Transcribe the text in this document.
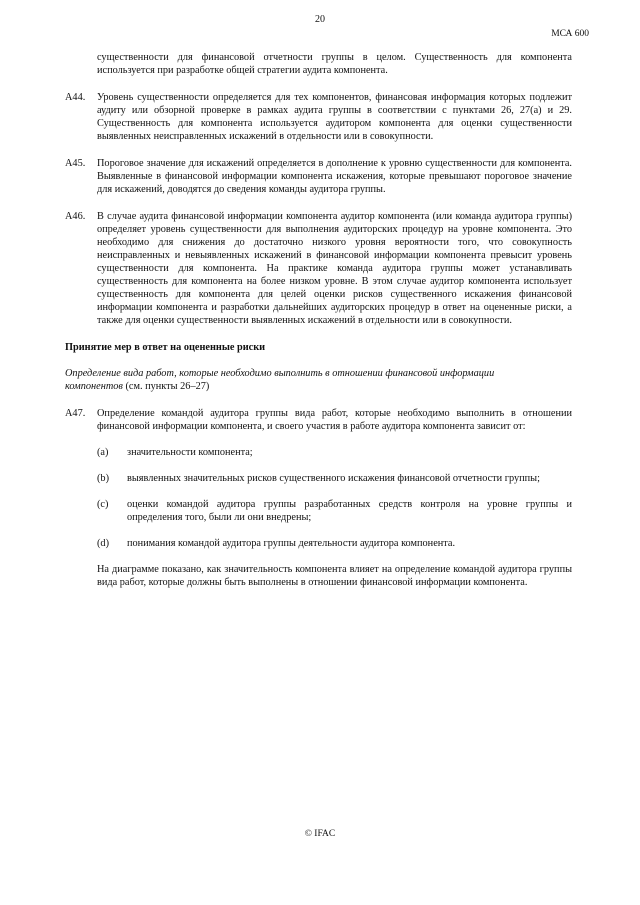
20
МСА 600

существенности для финансовой отчетности группы в целом. Существенность для компонента используется при разработке общей стратегии аудита компонента.

A44. Уровень существенности определяется для тех компонентов, финансовая информация которых подлежит аудиту или обзорной проверке в рамках аудита группы в соответствии с пунктами 26, 27(a) и 29. Существенность для компонента используется аудитором компонента для оценки существенности выявленных неисправленных искажений в отдельности или в совокупности.

A45. Пороговое значение для искажений определяется в дополнение к уровню существенности для компонента. Выявленные в финансовой информации компонента искажения, которые превышают пороговое значение для искажений, доводятся до сведения команды аудитора группы.

A46. В случае аудита финансовой информации компонента аудитор компонента (или команда аудитора группы) определяет уровень существенности для выполнения аудиторских процедур на уровне компонента. Это необходимо для снижения до достаточно низкого уровня вероятности того, что совокупность неисправленных и невыявленных искажений в финансовой информации компонента превысит уровень существенности для компонента. На практике команда аудитора группы может устанавливать существенность для компонента на более низком уровне. В этом случае аудитор компонента использует существенность для компонента для целей оценки рисков существенного искажения финансовой информации компонента и разработки дальнейших аудиторских процедур в ответ на оцененные риски, а также для оценки существенности выявленных искажений в отдельности или в совокупности.

Принятие мер в ответ на оцененные риски
Определение вида работ, которые необходимо выполнить в отношении финансовой информации компонентов (см. пункты 26–27)
A47. Определение командой аудитора группы вида работ, которые необходимо выполнить в отношении финансовой информации компонента, и своего участия в работе аудитора компонента зависит от:

(a) значительности компонента;

(b) выявленных значительных рисков существенного искажения финансовой отчетности группы;

(c) оценки командой аудитора группы разработанных средств контроля на уровне группы и определения того, были ли они внедрены;

(d) понимания командой аудитора группы деятельности аудитора компонента.

На диаграмме показано, как значительность компонента влияет на определение командой аудитора группы вида работ, которые должны быть выполнены в отношении финансовой информации компонента.

© IFAC
